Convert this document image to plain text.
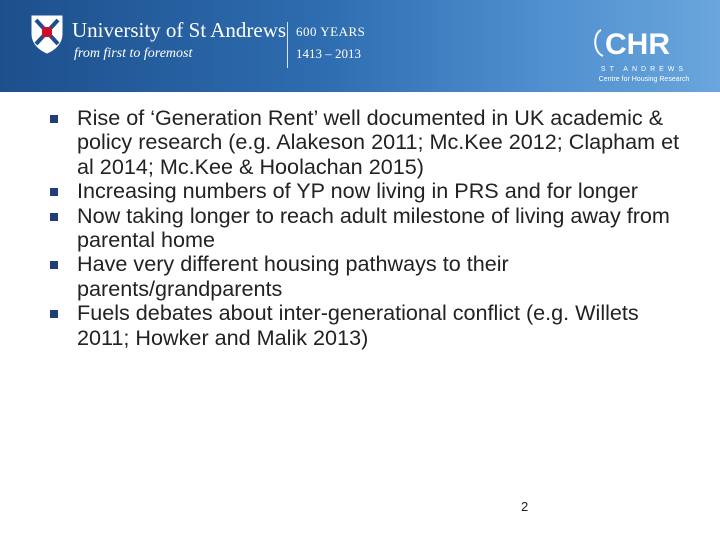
University of St Andrews
from first to foremost
600 YEARS
1413 – 2013	CHR
ST ANDREWS
Centre for Housing Research
Rise of ‘Generation Rent’ well documented in UK academic & policy research (e.g. Alakeson 2011; Mc.Kee 2012; Clapham et al 2014; Mc.Kee & Hoolachan 2015)
Increasing numbers of YP now living in PRS and for longer
Now taking longer to reach adult milestone of living away from parental home
Have very different housing pathways to their parents/grandparents
Fuels debates about inter-generational conflict (e.g. Willets 2011; Howker and Malik 2013)
2
